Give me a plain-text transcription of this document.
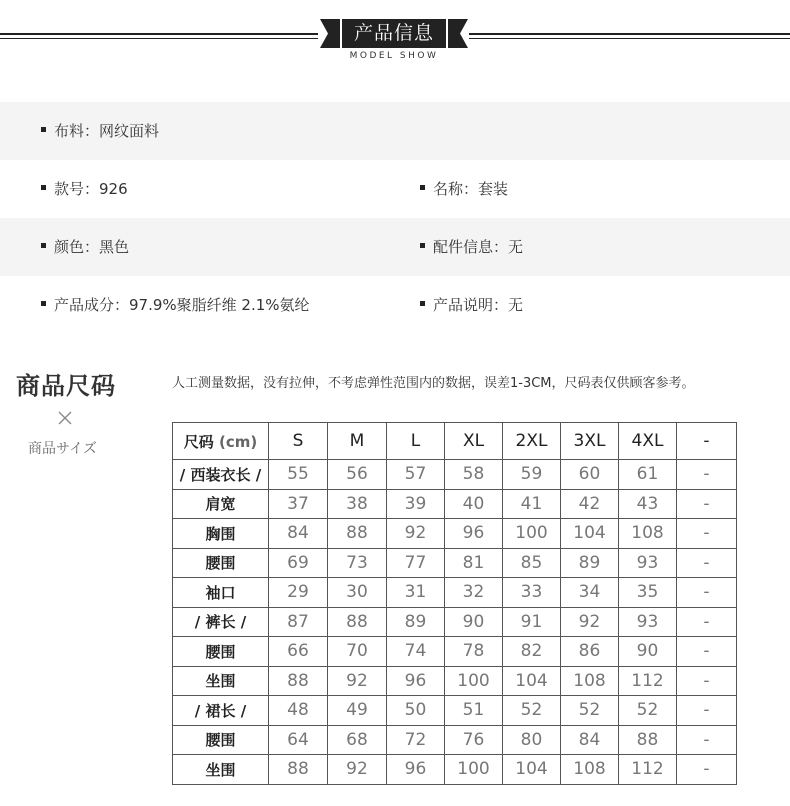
产品信息
MODEL SHOW
布料：网纹面料
款号：926	名称：套装
颜色：黑色	配件信息：无
产品成分：97.9%聚脂纤维 2.1%氨纶	产品说明：无
商品尺码
商品サイズ
人工测量数据，没有拉伸，不考虑弹性范围内的数据，误差1-3CM，尺码表仅供顾客参考。
尺码 (cm)	S	M	L	XL	2XL	3XL	4XL	-
/ 西装衣长 /	55	56	57	58	59	60	61	-
肩宽	37	38	39	40	41	42	43	-
胸围	84	88	92	96	100	104	108	-
腰围	69	73	77	81	85	89	93	-
袖口	29	30	31	32	33	34	35	-
/ 裤长 /	87	88	89	90	91	92	93	-
腰围	66	70	74	78	82	86	90	-
坐围	88	92	96	100	104	108	112	-
/ 裙长 /	48	49	50	51	52	52	52	-
腰围	64	68	72	76	80	84	88	-
坐围	88	92	96	100	104	108	112	-
